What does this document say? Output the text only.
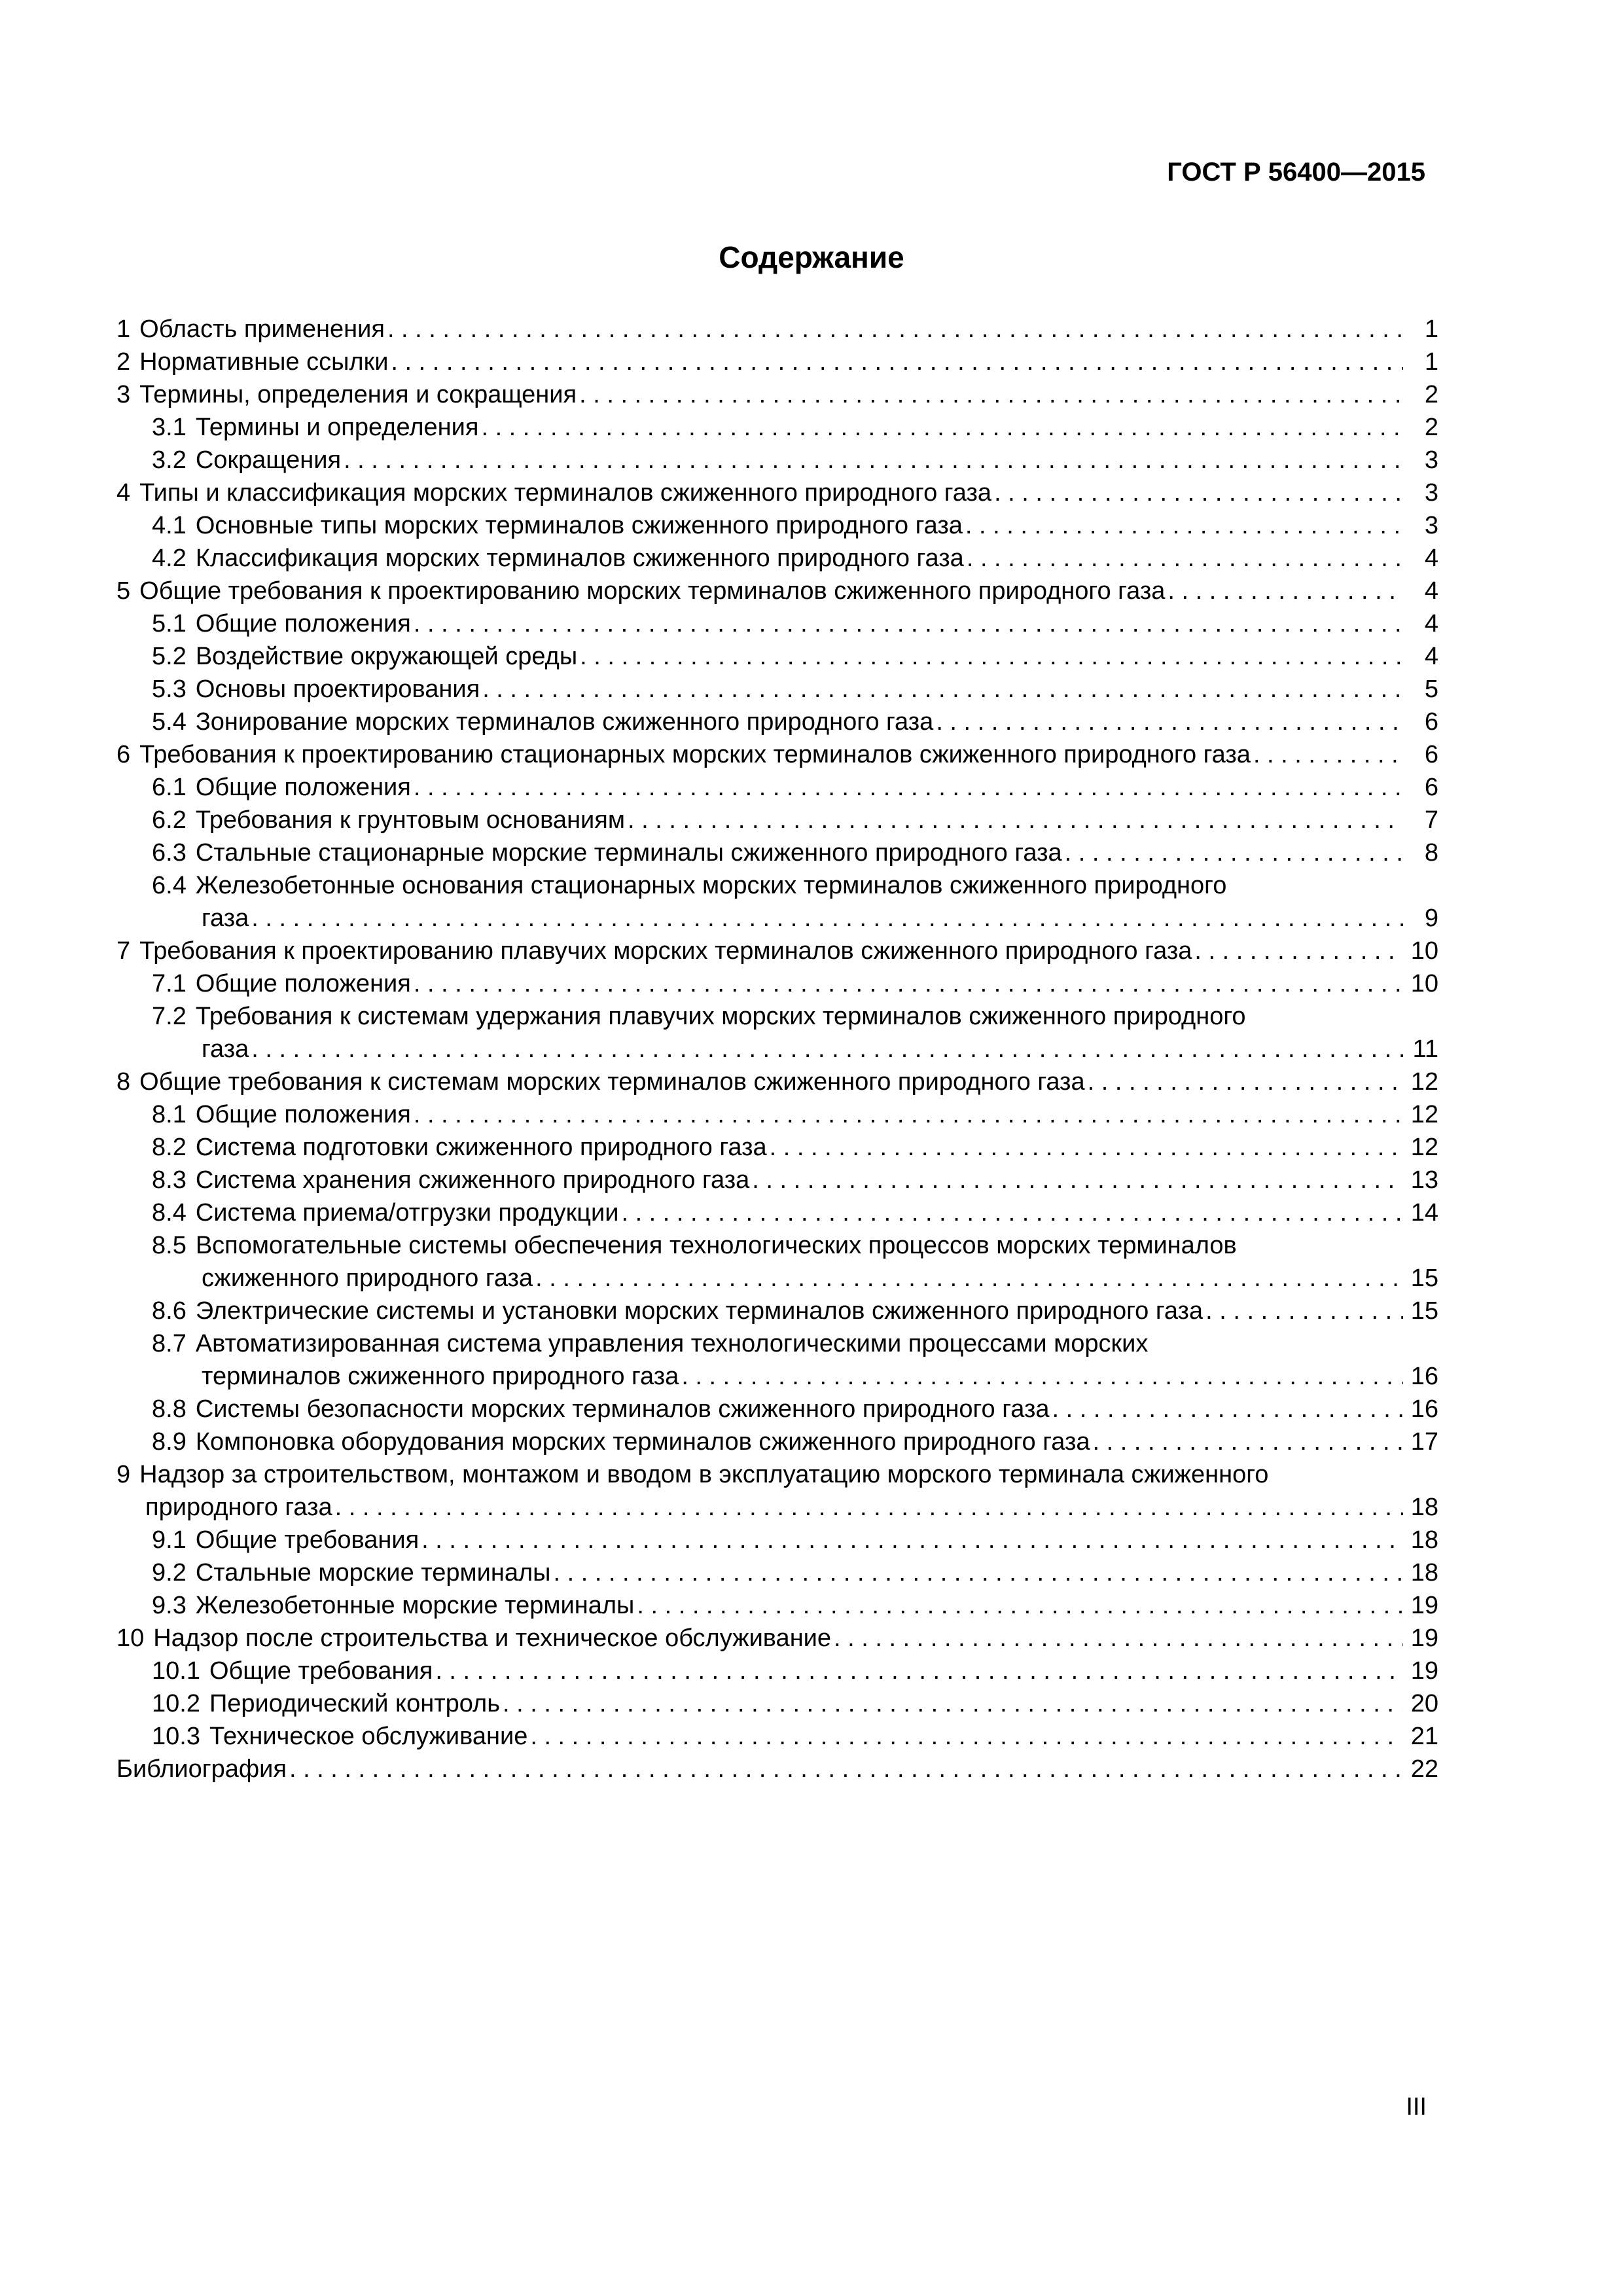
ГОСТ Р 56400—2015
Содержание
1 Область применения . . .	1
2 Нормативные ссылки . . .	1
3 Термины, определения и сокращения . . .	2
3.1 Термины и определения . . .	2
3.2 Сокращения . . .	3
4 Типы и классификация морских терминалов сжиженного природного газа . . .	3
4.1 Основные типы морских терминалов сжиженного природного газа . . .	3
4.2 Классификация морских терминалов сжиженного природного газа . . .	4
5 Общие требования к проектированию морских терминалов сжиженного природного газа . . .	4
5.1 Общие положения . . .	4
5.2 Воздействие окружающей среды . . .	4
5.3 Основы проектирования . . .	5
5.4 Зонирование морских терминалов сжиженного природного газа . . .	6
6 Требования к проектированию стационарных морских терминалов сжиженного природного газа . . .	6
6.1 Общие положения . . .	6
6.2 Требования к грунтовым основаниям . . .	7
6.3 Стальные стационарные морские терминалы сжиженного природного газа . . .	8
6.4 Железобетонные основания стационарных морских терминалов сжиженного природного
газа . . .	9
7 Требования к проектированию плавучих морских терминалов сжиженного природного газа . . .	10
7.1 Общие положения . . .	10
7.2 Требования к системам удержания плавучих морских терминалов сжиженного природного
газа . . .	11
8 Общие требования к системам морских терминалов сжиженного природного газа . . .	12
8.1 Общие положения . . .	12
8.2 Система подготовки сжиженного природного газа . . .	12
8.3 Система хранения сжиженного природного газа . . .	13
8.4 Система приема/отгрузки продукции . . .	14
8.5 Вспомогательные системы обеспечения технологических процессов морских терминалов
сжиженного природного газа . . .	15
8.6 Электрические системы и установки морских терминалов сжиженного природного газа . . .	15
8.7 Автоматизированная система управления технологическими процессами морских
терминалов сжиженного природного газа . . .	16
8.8 Системы безопасности морских терминалов сжиженного природного газа . . .	16
8.9 Компоновка оборудования морских терминалов сжиженного природного газа . . .	17
9 Надзор за строительством, монтажом и вводом в эксплуатацию морского терминала сжиженного
природного газа . . .	18
9.1 Общие требования . . .	18
9.2 Стальные морские терминалы . . .	18
9.3 Железобетонные морские терминалы . . .	19
10 Надзор после строительства и техническое обслуживание . . .	19
10.1 Общие требования . . .	19
10.2 Периодический контроль . . .	20
10.3 Техническое обслуживание . . .	21
Библиография . . .	22
III
